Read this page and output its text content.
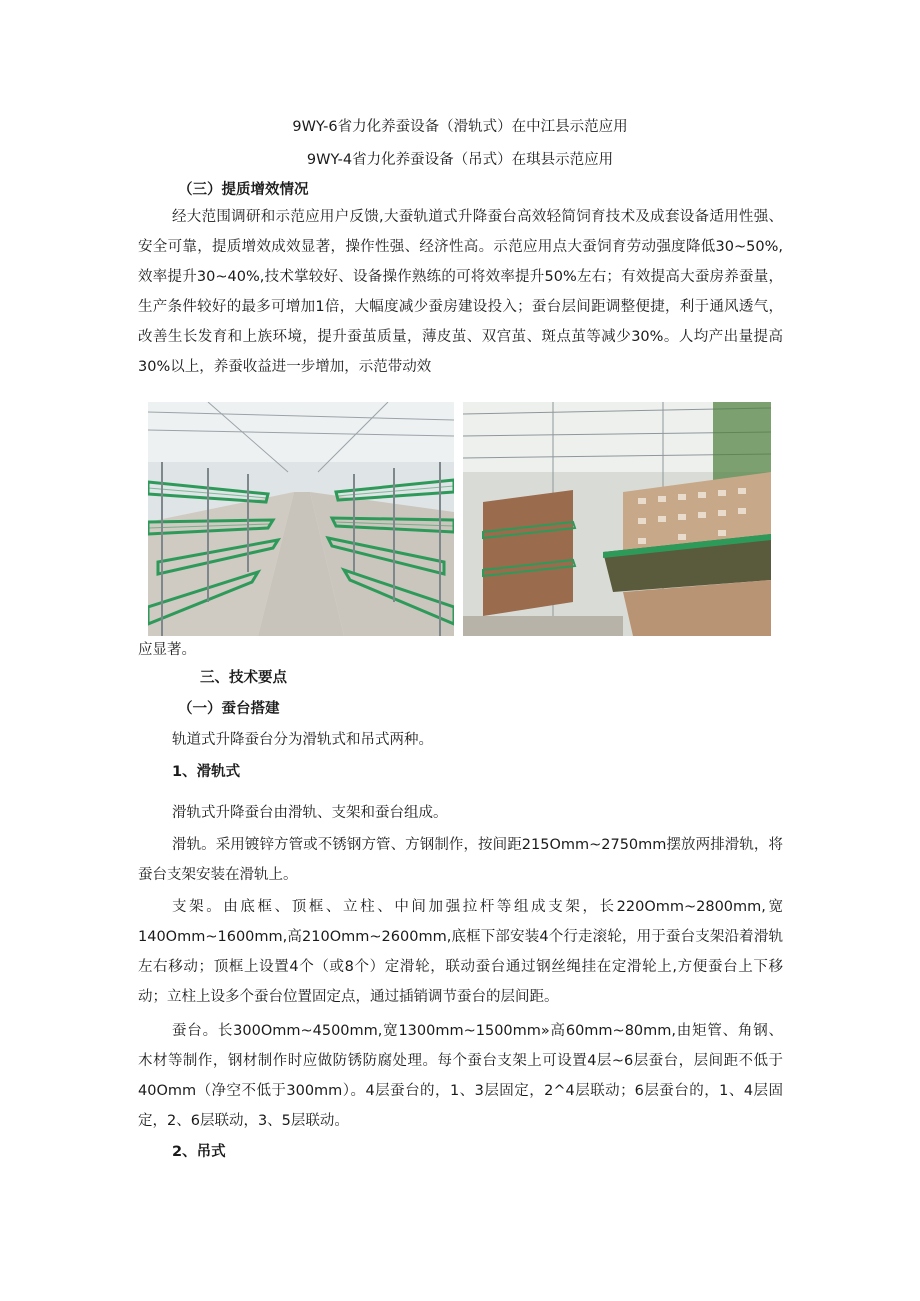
9WY-6省力化养蚕设备（滑轨式）在中江县示范应用
9WY-4省力化养蚕设备（吊式）在琪县示范应用
（三）提质增效情况
经大范围调研和示范应用户反馈,大蚕轨道式升降蚕台高效轻简饲育技术及成套设备适用性强、安全可靠，提质增效成效显著，操作性强、经济性高。示范应用点大蚕饲育劳动强度降低30~50%,效率提升30~40%,技术掌较好、设备操作熟练的可将效率提升50%左右；有效提高大蚕房养蚕量，生产条件较好的最多可增加1倍，大幅度减少蚕房建设投入；蚕台层间距调整便捷，利于通风透气，改善生长发育和上族环境，提升蚕茧质量，薄皮茧、双宫茧、斑点茧等减少30%。人均产出量提高30%以上，养蚕收益进一步增加，示范带动效
应显著。
三、技术要点
（一）蚕台搭建
轨道式升降蚕台分为滑轨式和吊式两种。
1、滑轨式
滑轨式升降蚕台由滑轨、支架和蚕台组成。
滑轨。采用镀锌方管或不锈钢方管、方钢制作，按间距215Omm~2750mm摆放两排滑轨，将蚕台支架安装在滑轨上。
支架。由底框、顶框、立柱、中间加强拉杆等组成支架，长220Omm~2800mm,宽140Omm~1600mm,高210Omm~2600mm,底框下部安装4个行走滚轮，用于蚕台支架沿着滑轨左右移动；顶框上设置4个（或8个）定滑轮，联动蚕台通过钢丝绳挂在定滑轮上,方便蚕台上下移动；立柱上设多个蚕台位置固定点，通过插销调节蚕台的层间距。
蚕台。长300Omm~4500mm,宽1300mm~1500mm»高60mm~80mm,由矩管、角钢、木材等制作，钢材制作时应做防锈防腐处理。每个蚕台支架上可设置4层~6层蚕台，层间距不低于40Omm（净空不低于300mm）。4层蚕台的，1、3层固定，2^4层联动；6层蚕台的，1、4层固定，2、6层联动，3、5层联动。
2、吊式
